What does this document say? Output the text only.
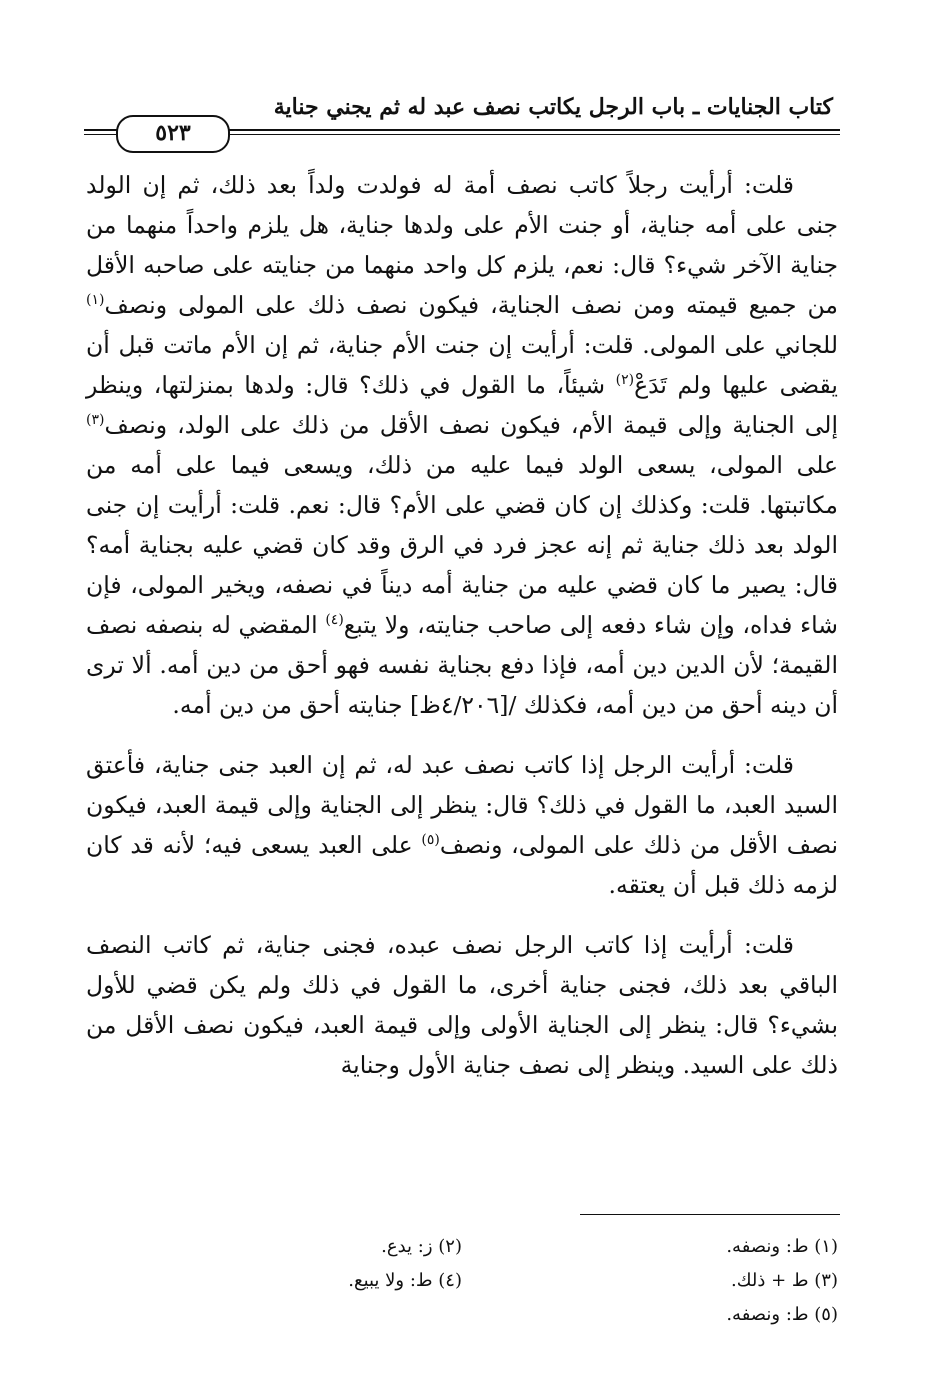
كتاب الجنايات ـ باب الرجل يكاتب نصف عبد له ثم يجني جناية
٥٢٣

قلت: أرأيت رجلاً كاتب نصف أمة له فولدت ولداً بعد ذلك، ثم إن الولد جنى على أمه جناية، أو جنت الأم على ولدها جناية، هل يلزم واحداً منهما من جناية الآخر شيء؟ قال: نعم، يلزم كل واحد منهما من جنايته على صاحبه الأقل من جميع قيمته ومن نصف الجناية، فيكون نصف ذلك على المولى ونصف$^{(١)}$ للجاني على المولى. قلت: أرأيت إن جنت الأم جناية، ثم إن الأم ماتت قبل أن يقضى عليها ولم تَدَعْ$^{(٢)}$ شيئاً، ما القول في ذلك؟ قال: ولدها بمنزلتها، وينظر إلى الجناية وإلى قيمة الأم، فيكون نصف الأقل من ذلك على الولد، ونصف$^{(٣)}$ على المولى، يسعى الولد فيما عليه من ذلك، ويسعى فيما على أمه من مكاتبتها. قلت: وكذلك إن كان قضي على الأم؟ قال: نعم. قلت: أرأيت إن جنى الولد بعد ذلك جناية ثم إنه عجز فرد في الرق وقد كان قضي عليه بجناية أمه؟ قال: يصير ما كان قضي عليه من جناية أمه ديناً في نصفه، ويخير المولى، فإن شاء فداه، وإن شاء دفعه إلى صاحب جنايته، ولا يتبع$^{(٤)}$ المقضي له بنصفه نصف القيمة؛ لأن الدين دين أمه، فإذا دفع بجناية نفسه فهو أحق من دين أمه. ألا ترى أن دينه أحق من دين أمه، فكذلك /[٤/٢٠٦ظ] جنايته أحق من دين أمه.

قلت: أرأيت الرجل إذا كاتب نصف عبد له، ثم إن العبد جنى جناية، فأعتق السيد العبد، ما القول في ذلك؟ قال: ينظر إلى الجناية وإلى قيمة العبد، فيكون نصف الأقل من ذلك على المولى، ونصف$^{(٥)}$ على العبد يسعى فيه؛ لأنه قد كان لزمه ذلك قبل أن يعتقه.

قلت: أرأيت إذا كاتب الرجل نصف عبده، فجنى جناية، ثم كاتب النصف الباقي بعد ذلك، فجنى جناية أخرى، ما القول في ذلك ولم يكن قضي للأول بشيء؟ قال: ينظر إلى الجناية الأولى وإلى قيمة العبد، فيكون نصف الأقل من ذلك على السيد. وينظر إلى نصف جناية الأول وجناية

(١) ط: ونصفه.
(٢) ز: يدع.
(٣) ط + ذلك.
(٤) ط: ولا يبيع.
(٥) ط: ونصفه.
